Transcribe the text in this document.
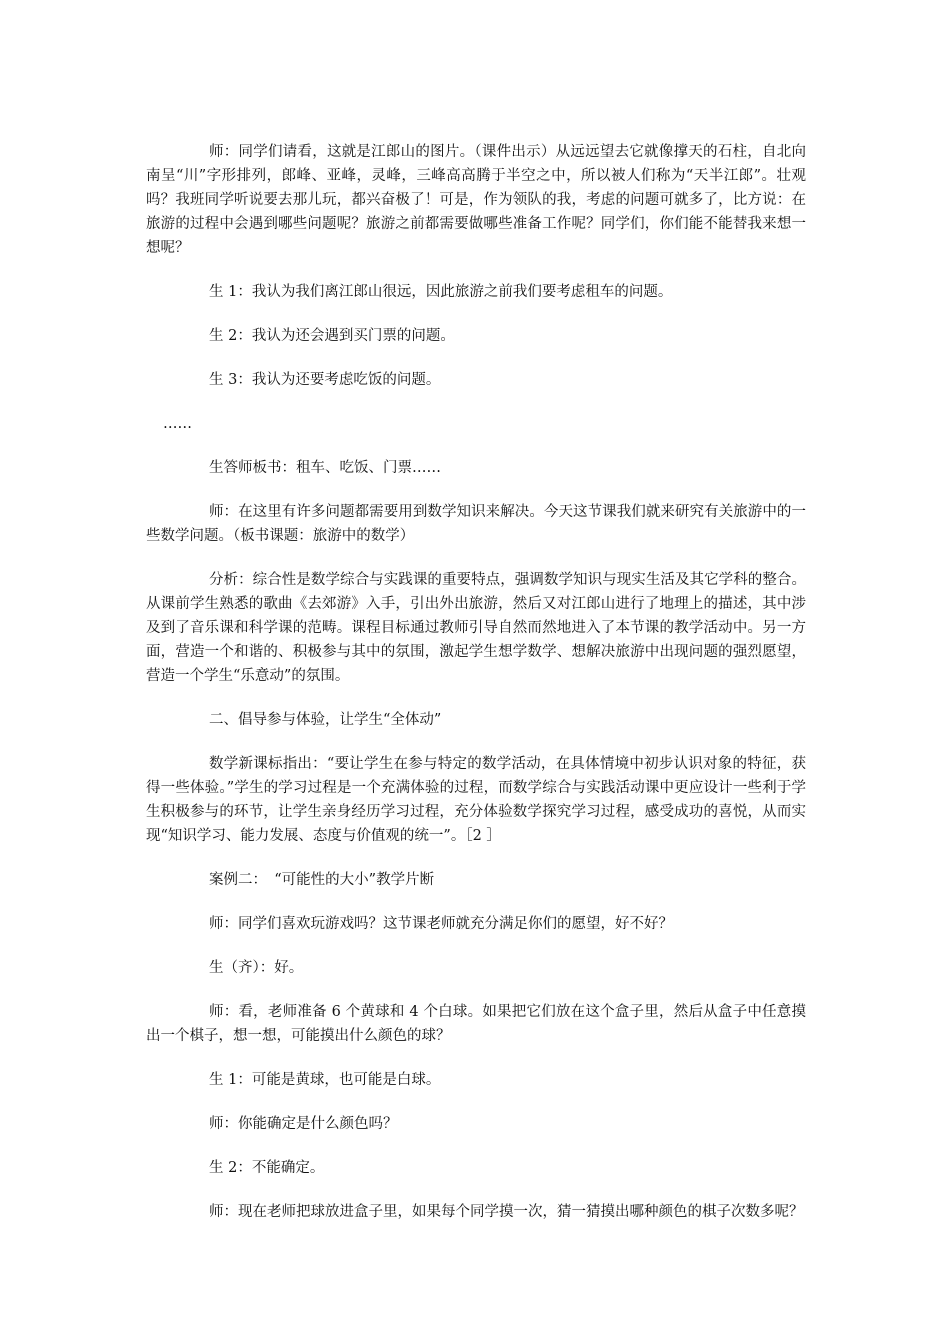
师：同学们请看，这就是江郎山的图片。（课件出示）从远远望去它就像撑天的石柱，自北向南呈“川”字形排列，郎峰、亚峰，灵峰，三峰高高腾于半空之中，所以被人们称为“天半江郎”。壮观吗？我班同学听说要去那儿玩，都兴奋极了！可是，作为领队的我，考虑的问题可就多了，比方说：在旅游的过程中会遇到哪些问题呢？旅游之前都需要做哪些准备工作呢？同学们，你们能不能替我来想一想呢？

生 1：我认为我们离江郎山很远，因此旅游之前我们要考虑租车的问题。

生 2：我认为还会遇到买门票的问题。

生 3：我认为还要考虑吃饭的问题。

……

生答师板书：租车、吃饭、门票……

师：在这里有许多问题都需要用到数学知识来解决。今天这节课我们就来研究有关旅游中的一些数学问题。（板书课题：旅游中的数学）

分析：综合性是数学综合与实践课的重要特点，强调数学知识与现实生活及其它学科的整合。从课前学生熟悉的歌曲《去郊游》入手，引出外出旅游，然后又对江郎山进行了地理上的描述，其中涉及到了音乐课和科学课的范畴。课程目标通过教师引导自然而然地进入了本节课的教学活动中。另一方面，营造一个和谐的、积极参与其中的氛围，激起学生想学数学、想解决旅游中出现问题的强烈愿望，营造一个学生“乐意动”的氛围。

二、倡导参与体验，让学生“全体动”

数学新课标指出：“要让学生在参与特定的数学活动，在具体情境中初步认识对象的特征，获得一些体验。”学生的学习过程是一个充满体验的过程，而数学综合与实践活动课中更应设计一些利于学生积极参与的环节，让学生亲身经历学习过程，充分体验数学探究学习过程，感受成功的喜悦，从而实现“知识学习、能力发展、态度与价值观的统一”。［2 ］

案例二：　“可能性的大小”教学片断

师：同学们喜欢玩游戏吗？这节课老师就充分满足你们的愿望，好不好？

生（齐）：好。

师：看，老师准备 6 个黄球和 4 个白球。如果把它们放在这个盒子里，然后从盒子中任意摸出一个棋子，想一想，可能摸出什么颜色的球？

生 1：可能是黄球，也可能是白球。

师：你能确定是什么颜色吗？

生 2：不能确定。

师：现在老师把球放进盒子里，如果每个同学摸一次，猜一猜摸出哪种颜色的棋子次数多呢？
